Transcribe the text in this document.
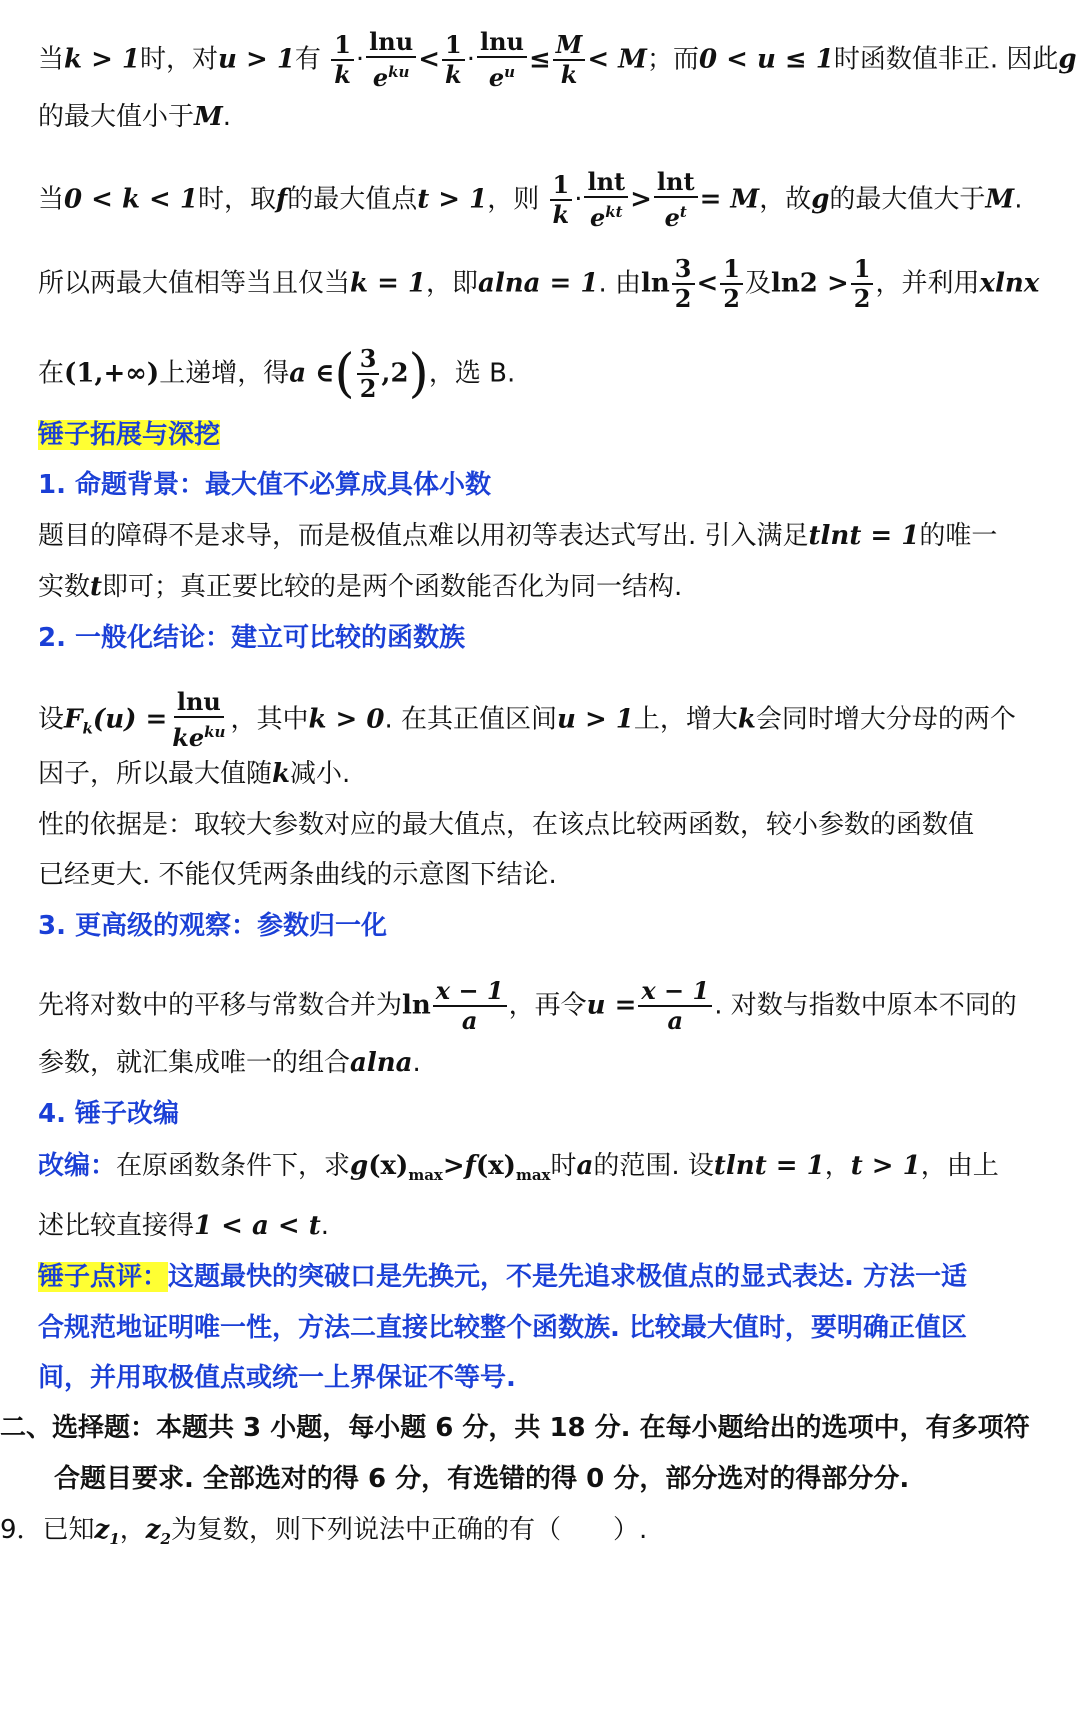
当k > 1时，对u > 1有 $\frac{1}{k} \cdot \frac{\ln u}{e^{ku}} < \frac{1}{k} \cdot \frac{\ln u}{e^u} \le \frac{M}{k} < M$；而0 < u ≤ 1时函数值非正. 因此g
的最大值小于M.
当0 < k < 1时，取f的最大值点t > 1，则 $\frac{1}{k} \cdot \frac{\ln t}{e^{kt}} > \frac{\ln t}{e^t} = M$，故g的最大值大于M.
所以两最大值相等当且仅当k = 1，即alna = 1. 由$\ln \frac{3}{2} < \frac{1}{2}$ 及$\ln 2 > \frac{1}{2}$ ，并利用xlnx
在(1,+∞)上递增，得a ∈( $\frac{3}{2} ,2$)，选 B.
锤子拓展与深挖
1. 命题背景：最大值不必算成具体小数
题目的障碍不是求导，而是极值点难以用初等表达式写出. 引入满足tlnt = 1的唯一
实数t即可；真正要比较的是两个函数能否化为同一结构.
2. 一般化结论：建立可比较的函数族
设$F_k(u) = \frac{\ln u}{ke^{ku}}$ ，其中k > 0. 在其正值区间u > 1上，增大k会同时增大分母的两个
因子，所以最大值随k减小.
性的依据是：取较大参数对应的最大值点，在该点比较两函数，较小参数的函数值
已经更大. 不能仅凭两条曲线的示意图下结论.
3. 更高级的观察：参数归一化
先将对数中的平移与常数合并为$\ln \frac{x - 1}{a}$ ，再令$u = \frac{x - 1}{a}$ . 对数与指数中原本不同的
参数，就汇集成唯一的组合alna.
4. 锤子改编
改编：在原函数条件下，求$g(x)_{max}>f(x)_{max}$时a的范围. 设tlnt = 1，t > 1，由上
述比较直接得1 < a < t.
锤子点评：这题最快的突破口是先换元，不是先追求极值点的显式表达. 方法一适
合规范地证明唯一性，方法二直接比较整个函数族. 比较最大值时，要明确正值区
间，并用取极值点或统一上界保证不等号.
二、选择题：本题共 3 小题，每小题 6 分，共 18 分. 在每小题给出的选项中，有多项符
合题目要求. 全部选对的得 6 分，有选错的得 0 分，部分选对的得部分分.
9．已知$z_1$，$z_2$为复数，则下列说法中正确的有（　　）.
